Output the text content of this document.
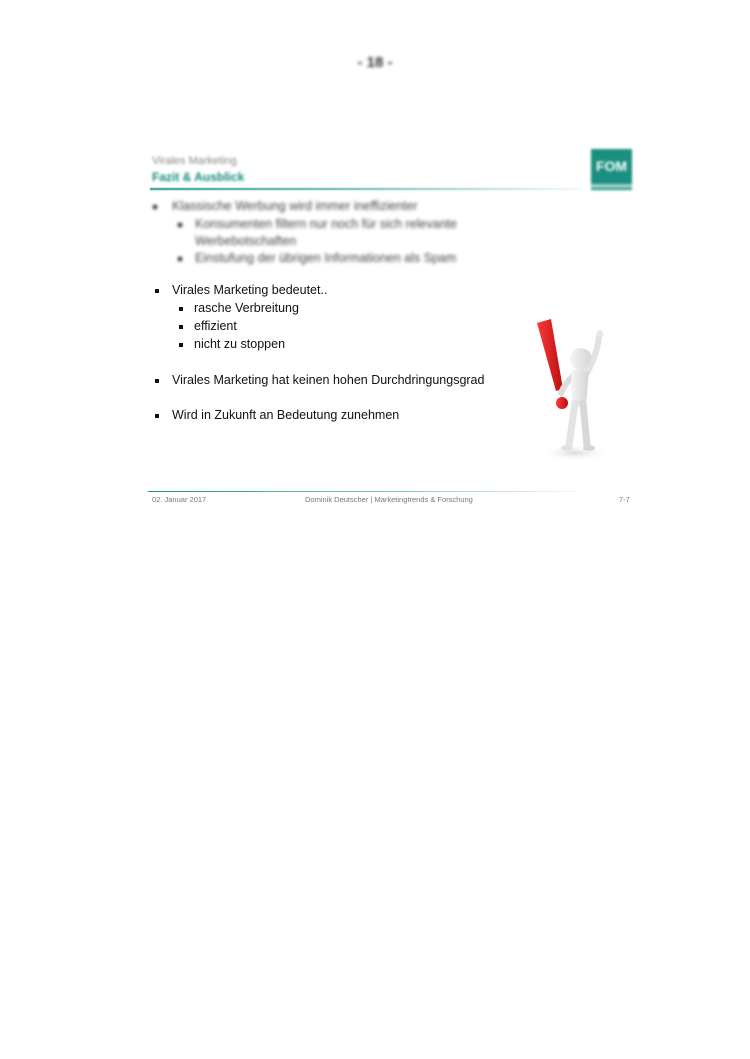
- 18 -
Virales Marketing
Fazit & Ausblick
FOM
Klassische Werbung wird immer ineffizienter
Konsumenten filtern nur noch für sich relevante
Werbebotschaften
Einstufung der übrigen Informationen als Spam
Virales Marketing bedeutet..
rasche Verbreitung
effizient
nicht zu stoppen
Virales Marketing hat keinen hohen Durchdringungsgrad
Wird in Zukunft an Bedeutung zunehmen
02. Januar 2017	Dominik Deutscher | Marketingtrends & Forschung	7-7
